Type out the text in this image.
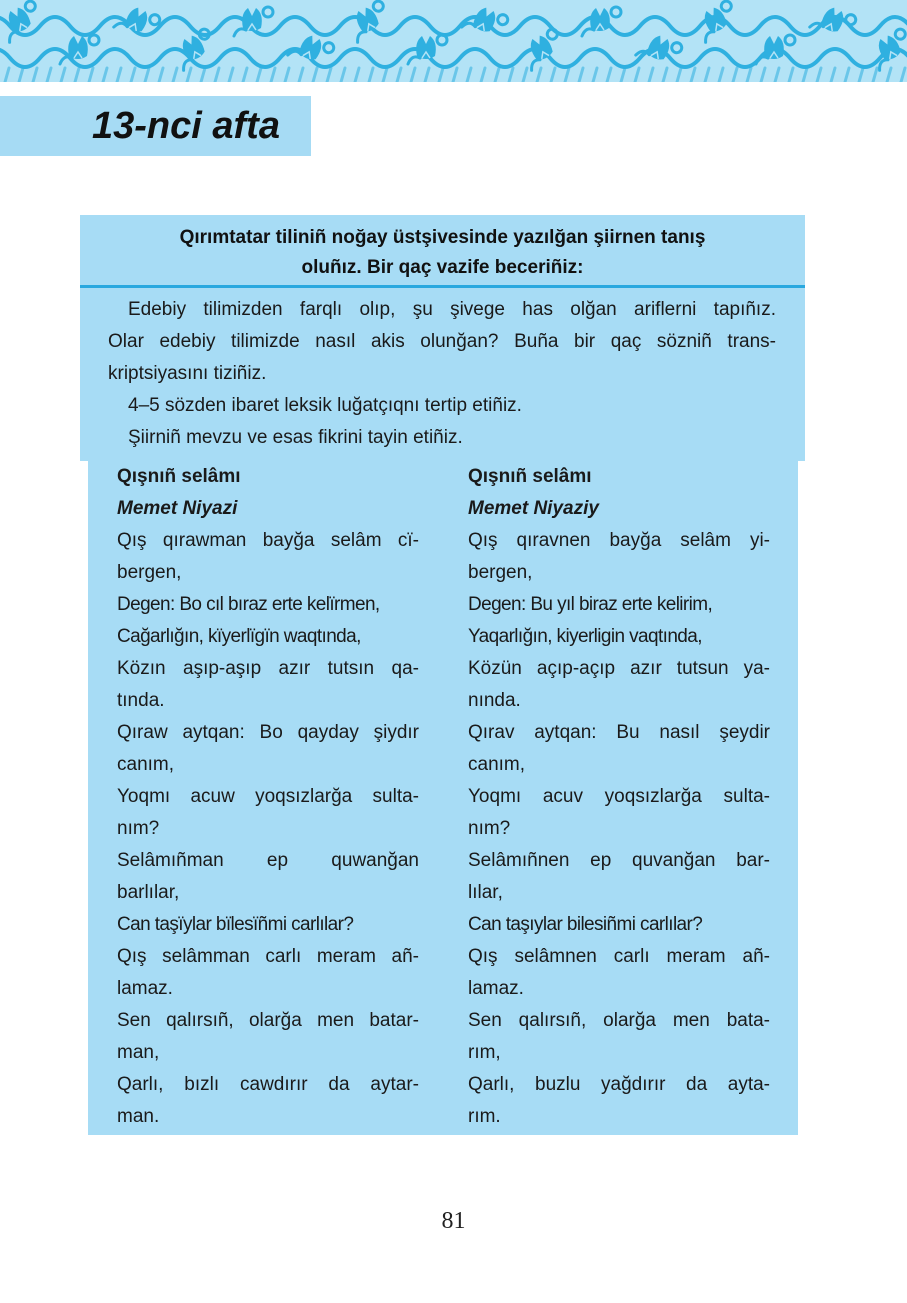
13-nci afta
Qırımtatar tiliniñ noğay üstşivesinde yazılğan şiirnen tanış
oluñız. Bir qaç vazife beceriñiz:
Edebiy tilimizden farqlı olıp, şu şivege has olğan ariflerni tapıñız.
Olar edebiy tilimizde nasıl akis olunğan? Buña bir qaç sözniñ trans-
kriptsiyasını tiziñiz.
4–5 sözden ibaret leksik luğatçıqnı tertip etiñiz.
Şiirniñ mevzu ve esas fikrini tayin etiñiz.
Qışnıñ selâmı
Memet Niyazi
Qış qırawman bayğa selâm cï-
bergen,
Degen: Bo cıl bıraz erte kelïrmen,
Cağarlığın, kïyerlïgïn waqtında,
Közın aşıp-aşıp azır tutsın qa-
tında.
Qıraw aytqan: Bo qayday şiydır
canım,
Yoqmı acuw yoqsızlarğa sulta-
nım?
Selâmıñman ep quwanğan
barlılar,
Can taşïylar bïlesïñmi carlılar?
Qış selâmman carlı meram añ-
lamaz.
Sen qalırsıñ, olarğa men batar-
man,
Qarlı, bızlı cawdırır da aytar-
man.
Qışnıñ selâmı
Memet Niyaziy
Qış qıravnen bayğa selâm yi-
bergen,
Degen: Bu yıl biraz erte kelirim,
Yaqarlığın, kiyerligin vaqtında,
Közün açıp-açıp azır tutsun ya-
nında.
Qırav aytqan: Bu nasıl şeydir
canım,
Yoqmı acuv yoqsızlarğa sulta-
nım?
Selâmıñnen ep quvanğan bar-
lılar,
Can taşıylar bilesiñmi carlılar?
Qış selâmnen carlı meram añ-
lamaz.
Sen qalırsıñ, olarğa men bata-
rım,
Qarlı, buzlu yağdırır da ayta-
rım.
81
